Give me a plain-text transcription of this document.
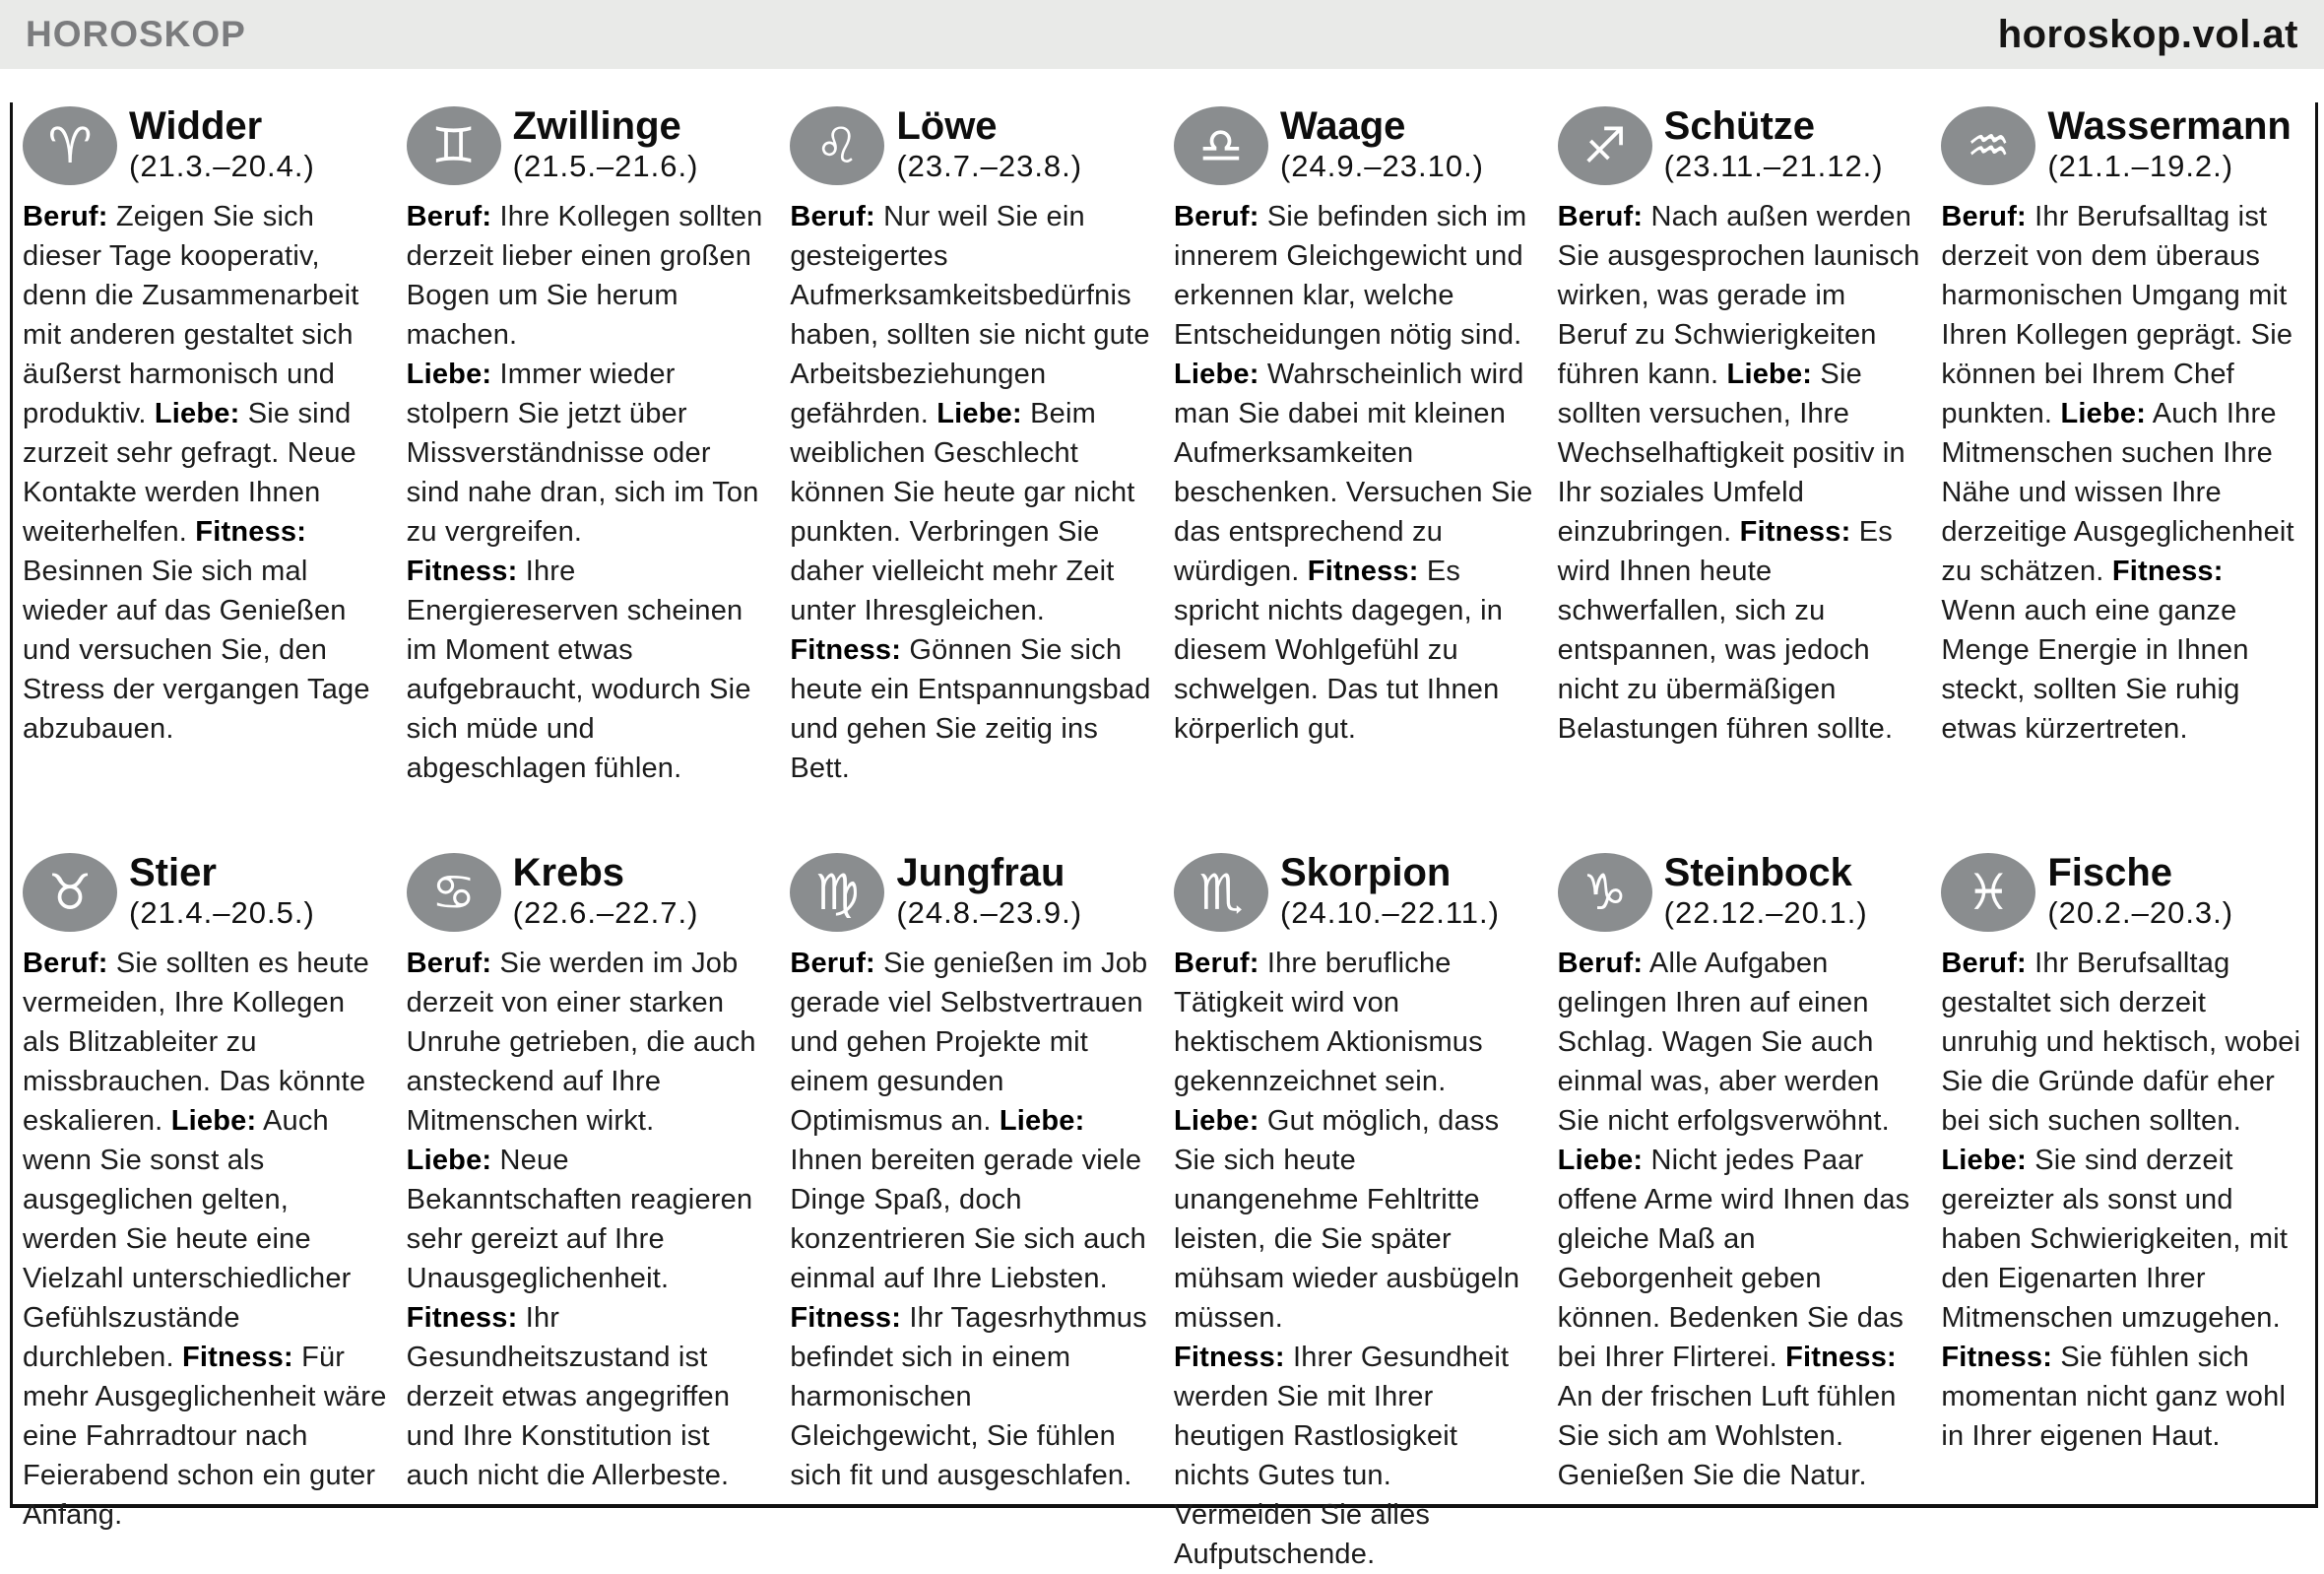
HOROSKOP	horoskop.vol.at
♈ Widder
(21.3.–20.4.)

Beruf: Zeigen Sie sich dieser Tage kooperativ, denn die Zusammenarbeit mit anderen gestaltet sich äußerst harmonisch und produktiv. Liebe: Sie sind zurzeit sehr gefragt. Neue Kontakte werden Ihnen weiterhelfen. Fitness: Besinnen Sie sich mal wieder auf das Genießen und versuchen Sie, den Stress der vergangen Tage abzubauen.

♊ Zwillinge
(21.5.–21.6.)

Beruf: Ihre Kollegen sollten derzeit lieber einen großen Bogen um Sie herum machen.

Liebe: Immer wieder stolpern Sie jetzt über Missverständnisse oder sind nahe dran, sich im Ton zu vergreifen.

Fitness: Ihre Energiereserven scheinen im Moment etwas aufgebraucht, wodurch Sie sich müde und abgeschlagen fühlen.

♌ Löwe
(23.7.–23.8.)

Beruf: Nur weil Sie ein gesteigertes Aufmerksamkeitsbedürfnis haben, sollten sie nicht gute Arbeitsbeziehungen gefährden. Liebe: Beim weiblichen Geschlecht können Sie heute gar nicht punkten. Verbringen Sie daher vielleicht mehr Zeit unter Ihresgleichen. Fitness: Gönnen Sie sich heute ein Entspannungsbad und gehen Sie zeitig ins Bett.

♎ Waage
(24.9.–23.10.)

Beruf: Sie befinden sich im innerem Gleichgewicht und erkennen klar, welche Entscheidungen nötig sind. Liebe: Wahrscheinlich wird man Sie dabei mit kleinen Aufmerksamkeiten beschenken. Versuchen Sie das entsprechend zu würdigen. Fitness: Es spricht nichts dagegen, in diesem Wohlgefühl zu schwelgen. Das tut Ihnen körperlich gut.

♐ Schütze
(23.11.–21.12.)

Beruf: Nach außen werden Sie ausgesprochen launisch wirken, was gerade im Beruf zu Schwierigkeiten führen kann. Liebe: Sie sollten versuchen, Ihre Wechselhaftigkeit positiv in Ihr soziales Umfeld einzubringen. Fitness: Es wird Ihnen heute schwerfallen, sich zu entspannen, was jedoch nicht zu übermäßigen Belastungen führen sollte.

♒ Wassermann
(21.1.–19.2.)

Beruf: Ihr Berufsalltag ist derzeit von dem überaus harmonischen Umgang mit Ihren Kollegen geprägt. Sie können bei Ihrem Chef punkten. Liebe: Auch Ihre Mitmenschen suchen Ihre Nähe und wissen Ihre derzeitige Ausgeglichenheit zu schätzen. Fitness: Wenn auch eine ganze Menge Energie in Ihnen steckt, sollten Sie ruhig etwas kürzertreten.

♉ Stier
(21.4.–20.5.)

Beruf: Sie sollten es heute vermeiden, Ihre Kollegen als Blitzableiter zu missbrauchen. Das könnte eskalieren. Liebe: Auch wenn Sie sonst als ausgeglichen gelten, werden Sie heute eine Vielzahl unterschiedlicher Gefühlszustände durchleben. Fitness: Für mehr Ausgeglichenheit wäre eine Fahrradtour nach Feierabend schon ein guter Anfang.

♋ Krebs
(22.6.–22.7.)

Beruf: Sie werden im Job derzeit von einer starken Unruhe getrieben, die auch ansteckend auf Ihre Mitmenschen wirkt.

Liebe: Neue Bekanntschaften reagieren sehr gereizt auf Ihre Unausgeglichenheit.

Fitness: Ihr Gesundheitszustand ist derzeit etwas angegriffen und Ihre Konstitution ist auch nicht die Allerbeste.

♍ Jungfrau
(24.8.–23.9.)

Beruf: Sie genießen im Job gerade viel Selbstvertrauen und gehen Projekte mit einem gesunden Optimismus an. Liebe: Ihnen bereiten gerade viele Dinge Spaß, doch konzentrieren Sie sich auch einmal auf Ihre Liebsten. Fitness: Ihr Tagesrhythmus befindet sich in einem harmonischen Gleichgewicht, Sie fühlen sich fit und ausgeschlafen.

♏ Skorpion
(24.10.–22.11.)

Beruf: Ihre berufliche Tätigkeit wird von hektischem Aktionismus gekennzeichnet sein.

Liebe: Gut möglich, dass Sie sich heute unangenehme Fehltritte leisten, die Sie später mühsam wieder ausbügeln müssen.

Fitness: Ihrer Gesundheit werden Sie mit Ihrer heutigen Rastlosigkeit nichts Gutes tun. Vermeiden Sie alles Aufputschende.

♑ Steinbock
(22.12.–20.1.)

Beruf: Alle Aufgaben gelingen Ihren auf einen Schlag. Wagen Sie auch einmal was, aber werden Sie nicht erfolgsverwöhnt. Liebe: Nicht jedes Paar offene Arme wird Ihnen das gleiche Maß an Geborgenheit geben können. Bedenken Sie das bei Ihrer Flirterei. Fitness: An der frischen Luft fühlen Sie sich am Wohlsten. Genießen Sie die Natur.

♓ Fische
(20.2.–20.3.)

Beruf: Ihr Berufsalltag gestaltet sich derzeit unruhig und hektisch, wobei Sie die Gründe dafür eher bei sich suchen sollten. Liebe: Sie sind derzeit gereizter als sonst und haben Schwierigkeiten, mit den Eigenarten Ihrer Mitmenschen umzugehen. Fitness: Sie fühlen sich momentan nicht ganz wohl in Ihrer eigenen Haut.
